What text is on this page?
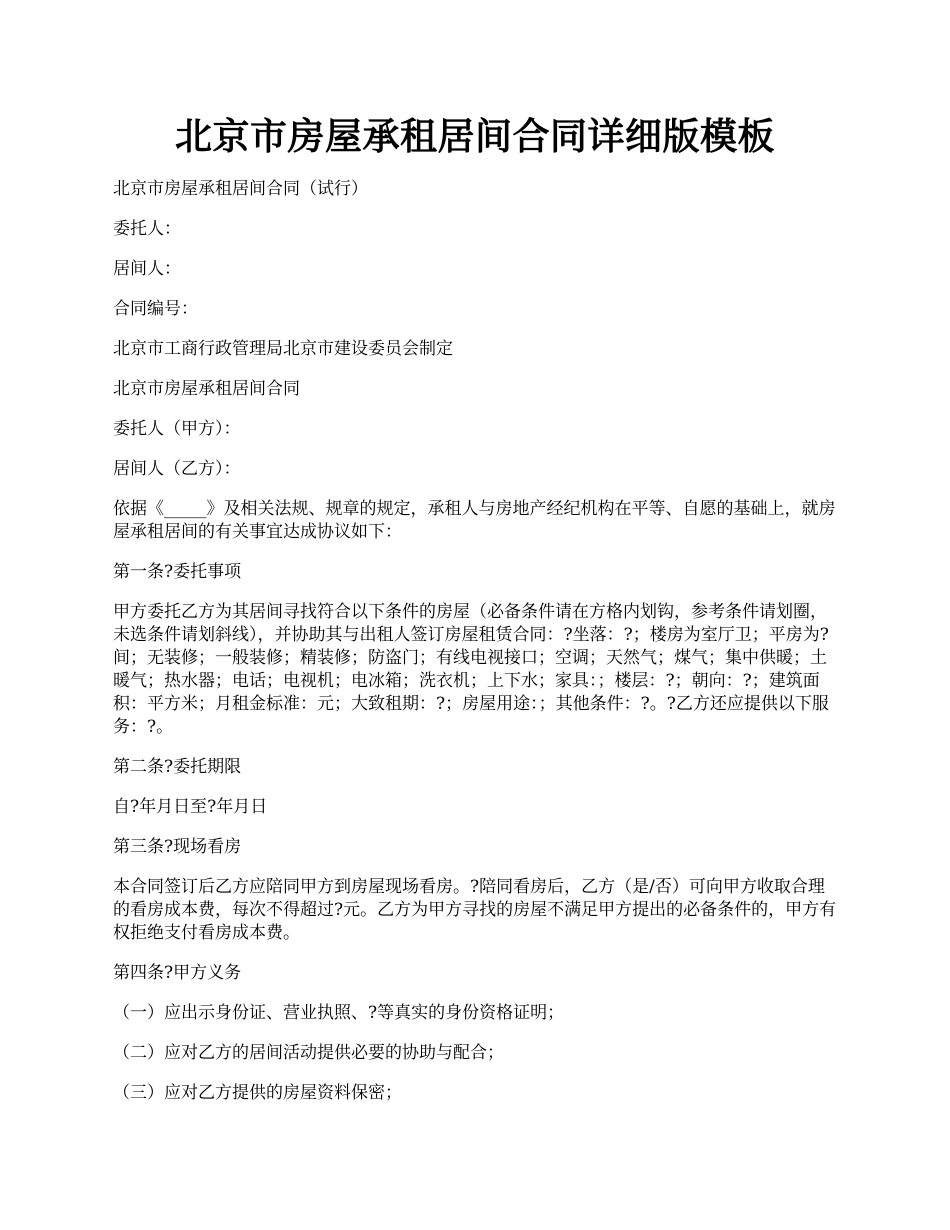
北京市房屋承租居间合同详细版模板

北京市房屋承租居间合同（试行）

委托人：

居间人：

合同编号：

北京市工商行政管理局北京市建设委员会制定

北京市房屋承租居间合同

委托人（甲方）：

居间人（乙方）：

依据《_____》及相关法规、规章的规定，承租人与房地产经纪机构在平等、自愿的基础上，就房屋承租居间的有关事宜达成协议如下：

第一条?委托事项

甲方委托乙方为其居间寻找符合以下条件的房屋（必备条件请在方格内划钩，参考条件请划圈，未选条件请划斜线），并协助其与出租人签订房屋租赁合同：?坐落：?；楼房为室厅卫；平房为?间；无装修；一般装修；精装修；防盗门；有线电视接口；空调；天然气；煤气；集中供暖；土暖气；热水器；电话；电视机；电冰箱；洗衣机；上下水；家具：；楼层：?；朝向：?；建筑面积：平方米；月租金标准：元；大致租期：?；房屋用途：；其他条件：?。?乙方还应提供以下服务：?。

第二条?委托期限

自?年月日至?年月日

第三条?现场看房

本合同签订后乙方应陪同甲方到房屋现场看房。?陪同看房后，乙方（是/否）可向甲方收取合理的看房成本费，每次不得超过?元。乙方为甲方寻找的房屋不满足甲方提出的必备条件的，甲方有权拒绝支付看房成本费。

第四条?甲方义务

（一）应出示身份证、营业执照、?等真实的身份资格证明；

（二）应对乙方的居间活动提供必要的协助与配合；

（三）应对乙方提供的房屋资料保密；
